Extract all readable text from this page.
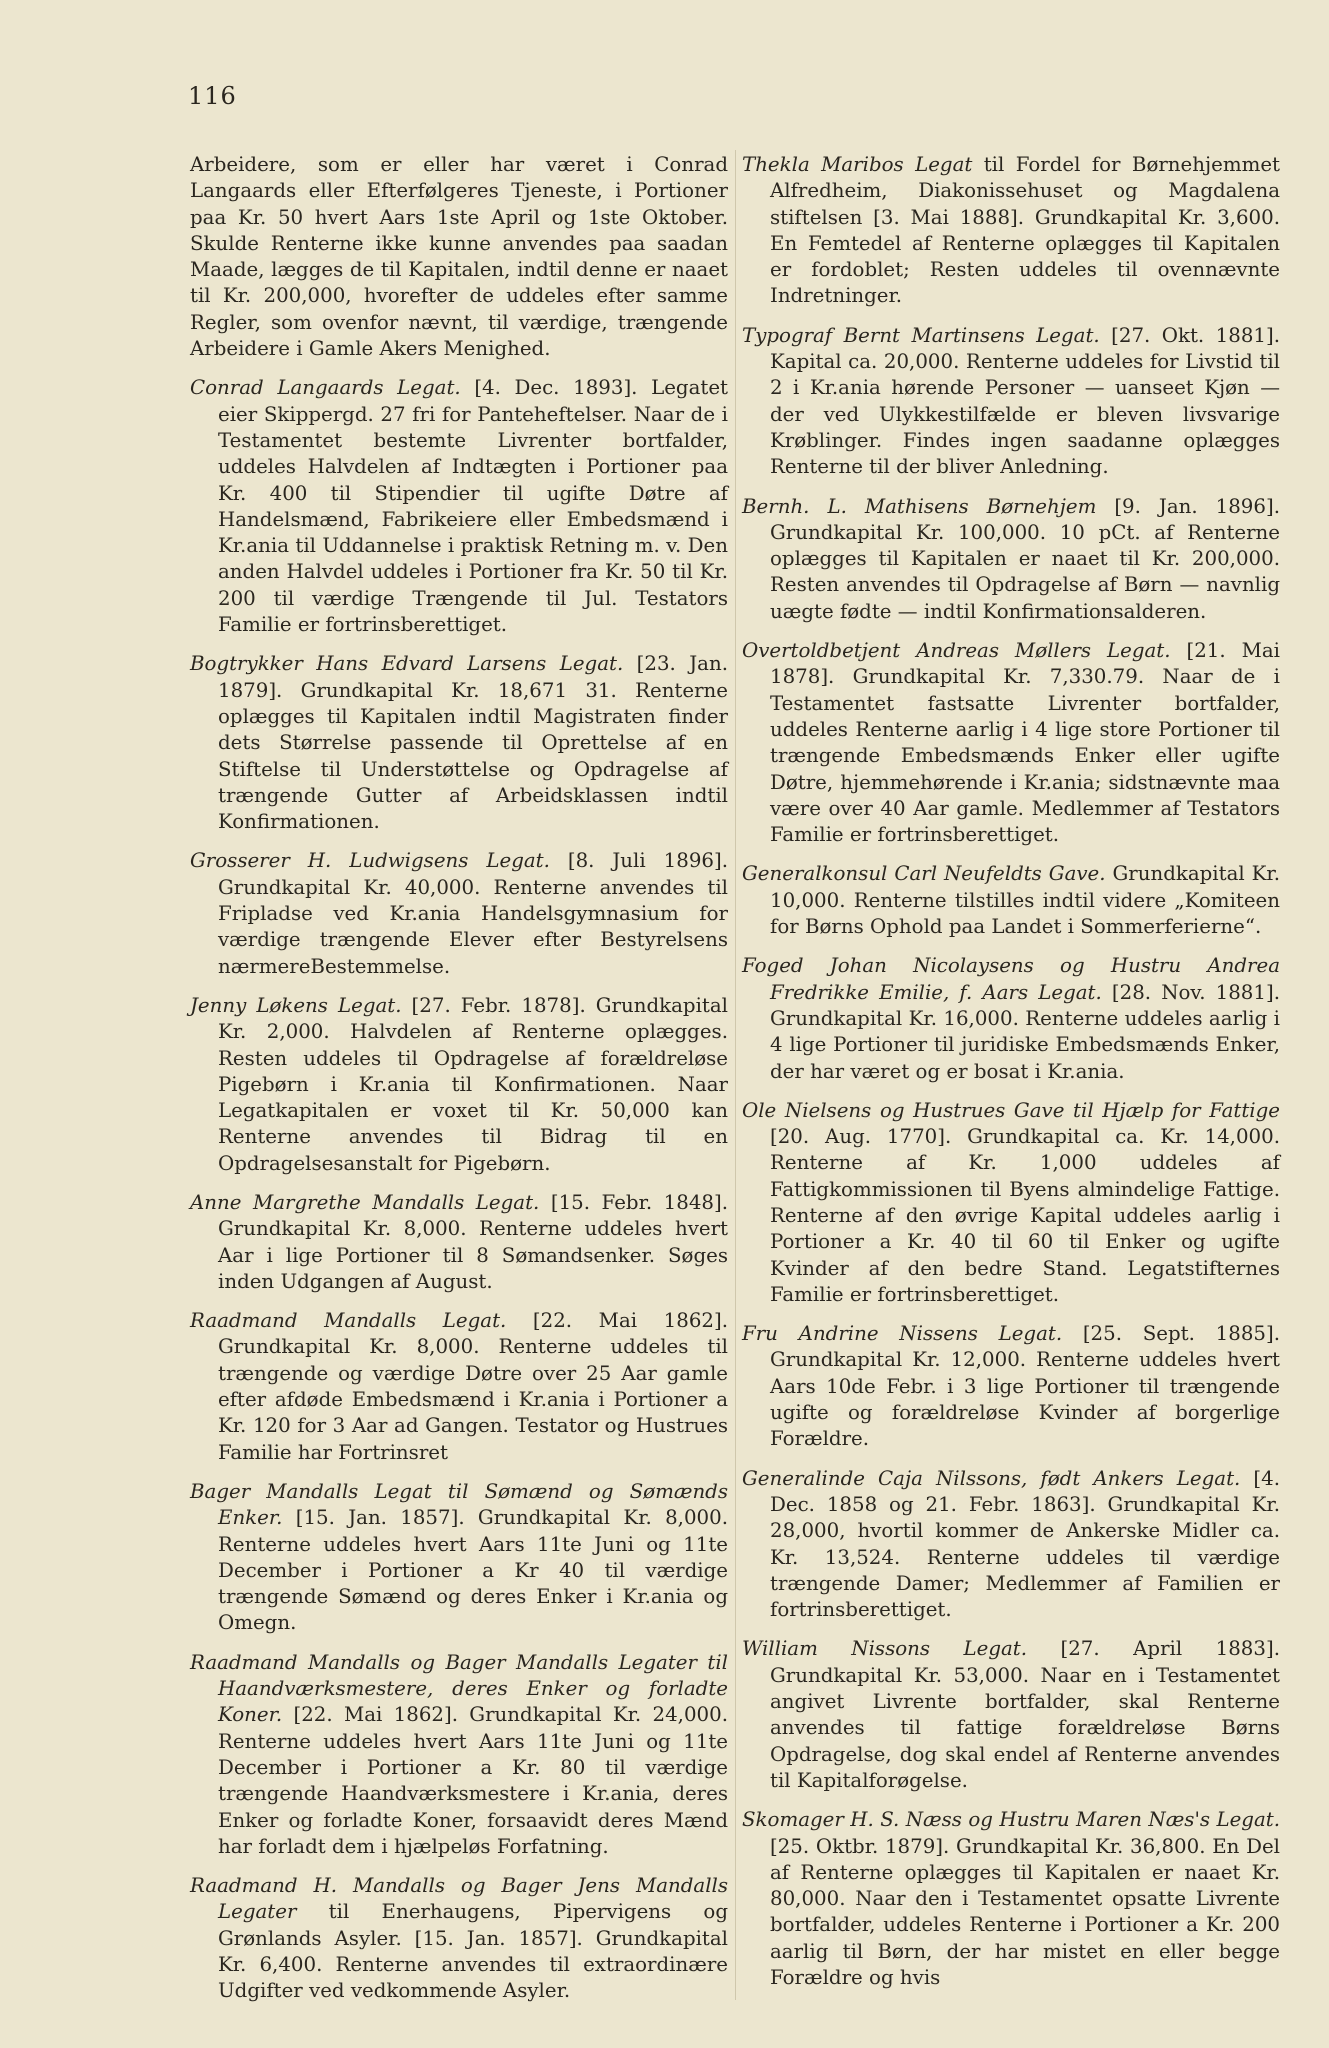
116

Arbeidere, som er eller har været i Conrad Langaards eller Efterfølgeres Tjeneste, i Portioner paa Kr. 50 hvert Aars 1ste April og 1ste Oktober. Skulde Renterne ikke kunne anvendes paa saadan Maade, lægges de til Kapitalen, indtil denne er naaet til Kr. 200,000, hvorefter de uddeles efter samme Regler, som ovenfor nævnt, til værdige, trængende Arbeidere i Gamle Akers Menighed.

Conrad Langaards Legat. [4. Dec. 1893]. Legatet eier Skippergd. 27 fri for Panteheftelser. Naar de i Testamentet bestemte Livrenter bortfalder, uddeles Halvdelen af Indtægten i Portioner paa Kr. 400 til Stipendier til ugifte Døtre af Handelsmænd, Fabrikeiere eller Embedsmænd i Kr.ania til Uddannelse i praktisk Retning m. v. Den anden Halvdel uddeles i Portioner fra Kr. 50 til Kr. 200 til værdige Trængende til Jul. Testators Familie er fortrinsberettiget.

Bogtrykker Hans Edvard Larsens Legat. [23. Jan. 1879]. Grundkapital Kr. 18,671 31. Renterne oplægges til Kapitalen indtil Magistraten finder dets Størrelse passende til Oprettelse af en Stiftelse til Understøttelse og Opdragelse af trængende Gutter af Arbeidsklassen indtil Konfirmationen.

Grosserer H. Ludwigsens Legat. [8. Juli 1896]. Grundkapital Kr. 40,000. Renterne anvendes til Fripladse ved Kr.ania Handelsgymnasium for værdige trængende Elever efter Bestyrelsens nærmereBestemmelse.

Jenny Løkens Legat. [27. Febr. 1878]. Grundkapital Kr. 2,000. Halvdelen af Renterne oplægges. Resten uddeles til Opdragelse af forældreløse Pigebørn i Kr.ania til Konfirmationen. Naar Legatkapitalen er voxet til Kr. 50,000 kan Renterne anvendes til Bidrag til en Opdragelsesanstalt for Pigebørn.

Anne Margrethe Mandalls Legat. [15. Febr. 1848]. Grundkapital Kr. 8,000. Renterne uddeles hvert Aar i lige Portioner til 8 Sømandsenker. Søges inden Udgangen af August.

Raadmand Mandalls Legat. [22. Mai 1862]. Grundkapital Kr. 8,000. Renterne uddeles til trængende og værdige Døtre over 25 Aar gamle efter afdøde Embedsmænd i Kr.ania i Portioner a Kr. 120 for 3 Aar ad Gangen. Testator og Hustrues Familie har Fortrinsret

Bager Mandalls Legat til Sømænd og Sømænds Enker. [15. Jan. 1857]. Grundkapital Kr. 8,000. Renterne uddeles hvert Aars 11te Juni og 11te December i Portioner a Kr 40 til værdige trængende Sømænd og deres Enker i Kr.ania og Omegn.

Raadmand Mandalls og Bager Mandalls Legater til Haandværksmestere, deres Enker og forladte Koner. [22. Mai 1862]. Grundkapital Kr. 24,000. Renterne uddeles hvert Aars 11te Juni og 11te December i Portioner a Kr. 80 til værdige trængende Haandværksmestere i Kr.ania, deres Enker og forladte Koner, forsaavidt deres Mænd har forladt dem i hjælpeløs Forfatning.

Raadmand H. Mandalls og Bager Jens Mandalls Legater til Enerhaugens, Pipervigens og Grønlands Asyler. [15. Jan. 1857]. Grundkapital Kr. 6,400. Renterne anvendes til extraordinære Udgifter ved vedkommende Asyler.

Thekla Maribos Legat til Fordel for Børnehjemmet Alfredheim, Diakonissehuset og Magdalena stiftelsen [3. Mai 1888]. Grundkapital Kr. 3,600. En Femtedel af Renterne oplægges til Kapitalen er fordoblet; Resten uddeles til ovennævnte Indretninger.

Typograf Bernt Martinsens Legat. [27. Okt. 1881]. Kapital ca. 20,000. Renterne uddeles for Livstid til 2 i Kr.ania hørende Personer — uanseet Kjøn — der ved Ulykkestilfælde er bleven livsvarige Krøblinger. Findes ingen saadanne oplægges Renterne til der bliver Anledning.

Bernh. L. Mathisens Børnehjem [9. Jan. 1896]. Grundkapital Kr. 100,000. 10 pCt. af Renterne oplægges til Kapitalen er naaet til Kr. 200,000. Resten anvendes til Opdragelse af Børn — navnlig uægte fødte — indtil Konfirmationsalderen.

Overtoldbetjent Andreas Møllers Legat. [21. Mai 1878]. Grundkapital Kr. 7,330.79. Naar de i Testamentet fastsatte Livrenter bortfalder, uddeles Renterne aarlig i 4 lige store Portioner til trængende Embedsmænds Enker eller ugifte Døtre, hjemmehørende i Kr.ania; sidstnævnte maa være over 40 Aar gamle. Medlemmer af Testators Familie er fortrinsberettiget.

Generalkonsul Carl Neufeldts Gave. Grundkapital Kr. 10,000. Renterne tilstilles indtil videre „Komiteen for Børns Ophold paa Landet i Sommerferierne“.

Foged Johan Nicolaysens og Hustru Andrea Fredrikke Emilie, f. Aars Legat. [28. Nov. 1881]. Grundkapital Kr. 16,000. Renterne uddeles aarlig i 4 lige Portioner til juridiske Embedsmænds Enker, der har været og er bosat i Kr.ania.

Ole Nielsens og Hustrues Gave til Hjælp for Fattige [20. Aug. 1770]. Grundkapital ca. Kr. 14,000. Renterne af Kr. 1,000 uddeles af Fattigkommissionen til Byens almindelige Fattige. Renterne af den øvrige Kapital uddeles aarlig i Portioner a Kr. 40 til 60 til Enker og ugifte Kvinder af den bedre Stand. Legatstifternes Familie er fortrinsberettiget.

Fru Andrine Nissens Legat. [25. Sept. 1885]. Grundkapital Kr. 12,000. Renterne uddeles hvert Aars 10de Febr. i 3 lige Portioner til trængende ugifte og forældreløse Kvinder af borgerlige Forældre.

Generalinde Caja Nilssons, født Ankers Legat. [4. Dec. 1858 og 21. Febr. 1863]. Grundkapital Kr. 28,000, hvortil kommer de Ankerske Midler ca. Kr. 13,524. Renterne uddeles til værdige trængende Damer; Medlemmer af Familien er fortrinsberettiget.

William Nissons Legat. [27. April 1883]. Grundkapital Kr. 53,000. Naar en i Testamentet angivet Livrente bortfalder, skal Renterne anvendes til fattige forældreløse Børns Opdragelse, dog skal endel af Renterne anvendes til Kapitalforøgelse.

Skomager H. S. Næss og Hustru Maren Næs's Legat. [25. Oktbr. 1879]. Grundkapital Kr. 36,800. En Del af Renterne oplægges til Kapitalen er naaet Kr. 80,000. Naar den i Testamentet opsatte Livrente bortfalder, uddeles Renterne i Portioner a Kr. 200 aarlig til Børn, der har mistet en eller begge Forældre og hvis
